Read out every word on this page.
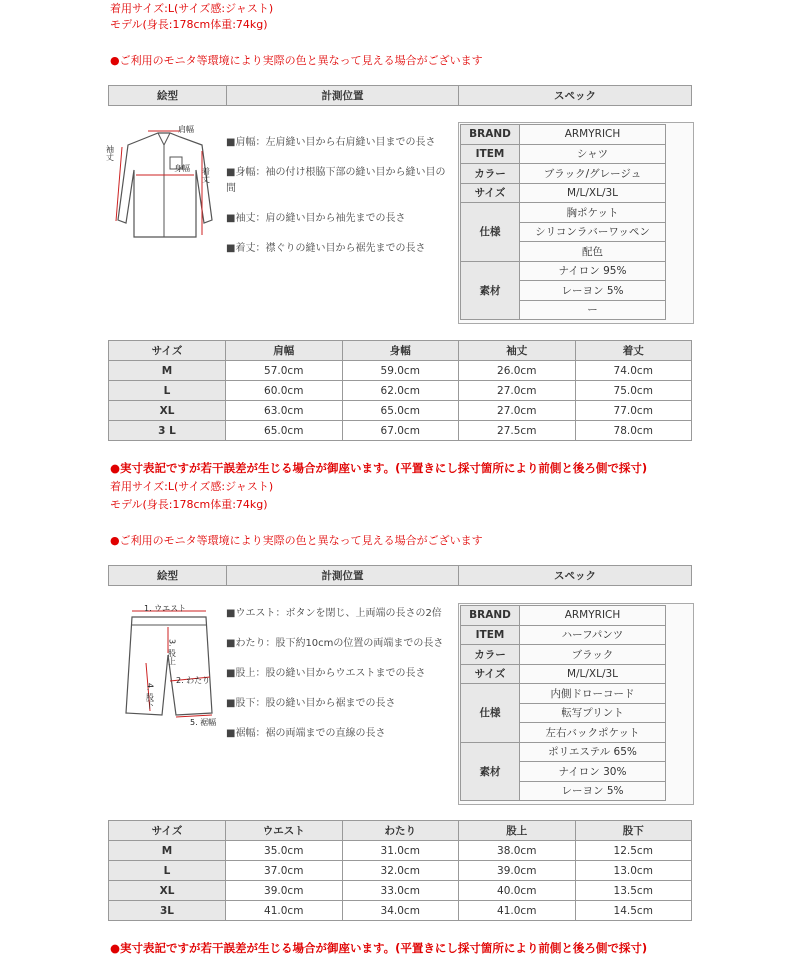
着用サイズ:L(サイズ感:ジャスト)
モデル(身長:178cm体重:74kg)
●ご利用のモニタ等環境により実際の色と異なって見える場合がございます
絵型	計測位置	スペック
肩幅
身幅
袖丈
着丈

■肩幅：左肩縫い目から右肩縫い目までの長さ

■身幅：袖の付け根脇下部の縫い目から縫い目の間

■袖丈：肩の縫い目から袖先までの長さ

■着丈：襟ぐりの縫い目から裾先までの長さ

BRAND	ARMYRICH
ITEM	シャツ
カラー	ブラック/グレージュ
サイズ	M/L/XL/3L
仕様	胸ポケット
	シリコンラバーワッペン
	配色
素材	ナイロン 95%
	レーヨン 5%
	ー
サイズ	肩幅	身幅	袖丈	着丈
M	57.0cm	59.0cm	26.0cm	74.0cm
L	60.0cm	62.0cm	27.0cm	75.0cm
XL	63.0cm	65.0cm	27.0cm	77.0cm
3 L	65.0cm	67.0cm	27.5cm	78.0cm
●実寸表記ですが若干誤差が生じる場合が御座います。(平置きにし採寸箇所により前側と後ろ側で採寸)
着用サイズ:L(サイズ感:ジャスト)
モデル(身長:178cm体重:74kg)
●ご利用のモニタ等環境により実際の色と異なって見える場合がございます
絵型	計測位置	スペック
1. ウエスト
2. わたり
3. 股上
4. 股下
5. 裾幅

■ウエスト：ボタンを閉じ、上両端の長さの2倍

■わたり：股下約10cmの位置の両端までの長さ

■股上：股の縫い目からウエストまでの長さ

■股下：股の縫い目から裾までの長さ

■裾幅：裾の両端までの直線の長さ

BRAND	ARMYRICH
ITEM	ハーフパンツ
カラー	ブラック
サイズ	M/L/XL/3L
仕様	内側ドローコード
	転写プリント
	左右バックポケット
素材	ポリエステル 65%
	ナイロン 30%
	レーヨン 5%
サイズ	ウエスト	わたり	股上	股下
M	35.0cm	31.0cm	38.0cm	12.5cm
L	37.0cm	32.0cm	39.0cm	13.0cm
XL	39.0cm	33.0cm	40.0cm	13.5cm
3L	41.0cm	34.0cm	41.0cm	14.5cm
●実寸表記ですが若干誤差が生じる場合が御座います。(平置きにし採寸箇所により前側と後ろ側で採寸)
